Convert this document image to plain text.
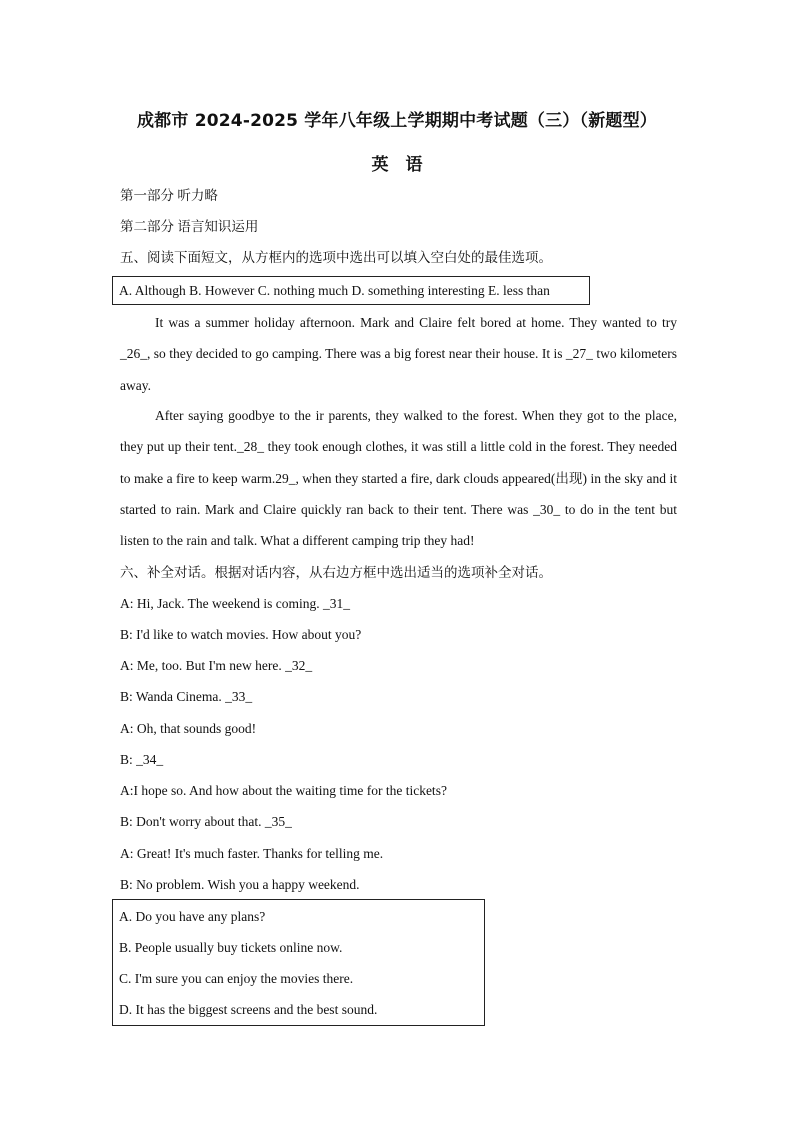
成都市 2024-2025 学年八年级上学期期中考试题（三）（新题型）
英　语
第一部分 听力略
第二部分 语言知识运用
五、阅读下面短文，从方框内的选项中选出可以填入空白处的最佳选项。
A. Although B. However C. nothing much D. something interesting E. less than

It was a summer holiday afternoon. Mark and Claire felt bored at home. They wanted to try _26_, so they decided to go camping. There was a big forest near their house. It is _27_ two kilometers away.

After saying goodbye to the ir parents, they walked to the forest. When they got to the place, they put up their tent._28_ they took enough clothes, it was still a little cold in the forest. They needed to make a fire to keep warm.29_, when they started a fire, dark clouds appeared(出现) in the sky and it started to rain. Mark and Claire quickly ran back to their tent. There was _30_ to do in the tent but listen to the rain and talk. What a different camping trip they had!

六、补全对话。根据对话内容，从右边方框中选出适当的选项补全对话。
A: Hi, Jack. The weekend is coming. _31_
B: I'd like to watch movies. How about you?
A: Me, too. But I'm new here. _32_
B: Wanda Cinema. _33_
A: Oh, that sounds good!
B: _34_
A:I hope so. And how about the waiting time for the tickets?
B: Don't worry about that. _35_
A: Great! It's much faster. Thanks for telling me.
B: No problem. Wish you a happy weekend.
A. Do you have any plans?
B. People usually buy tickets online now.
C. I'm sure you can enjoy the movies there.
D. It has the biggest screens and the best sound.
